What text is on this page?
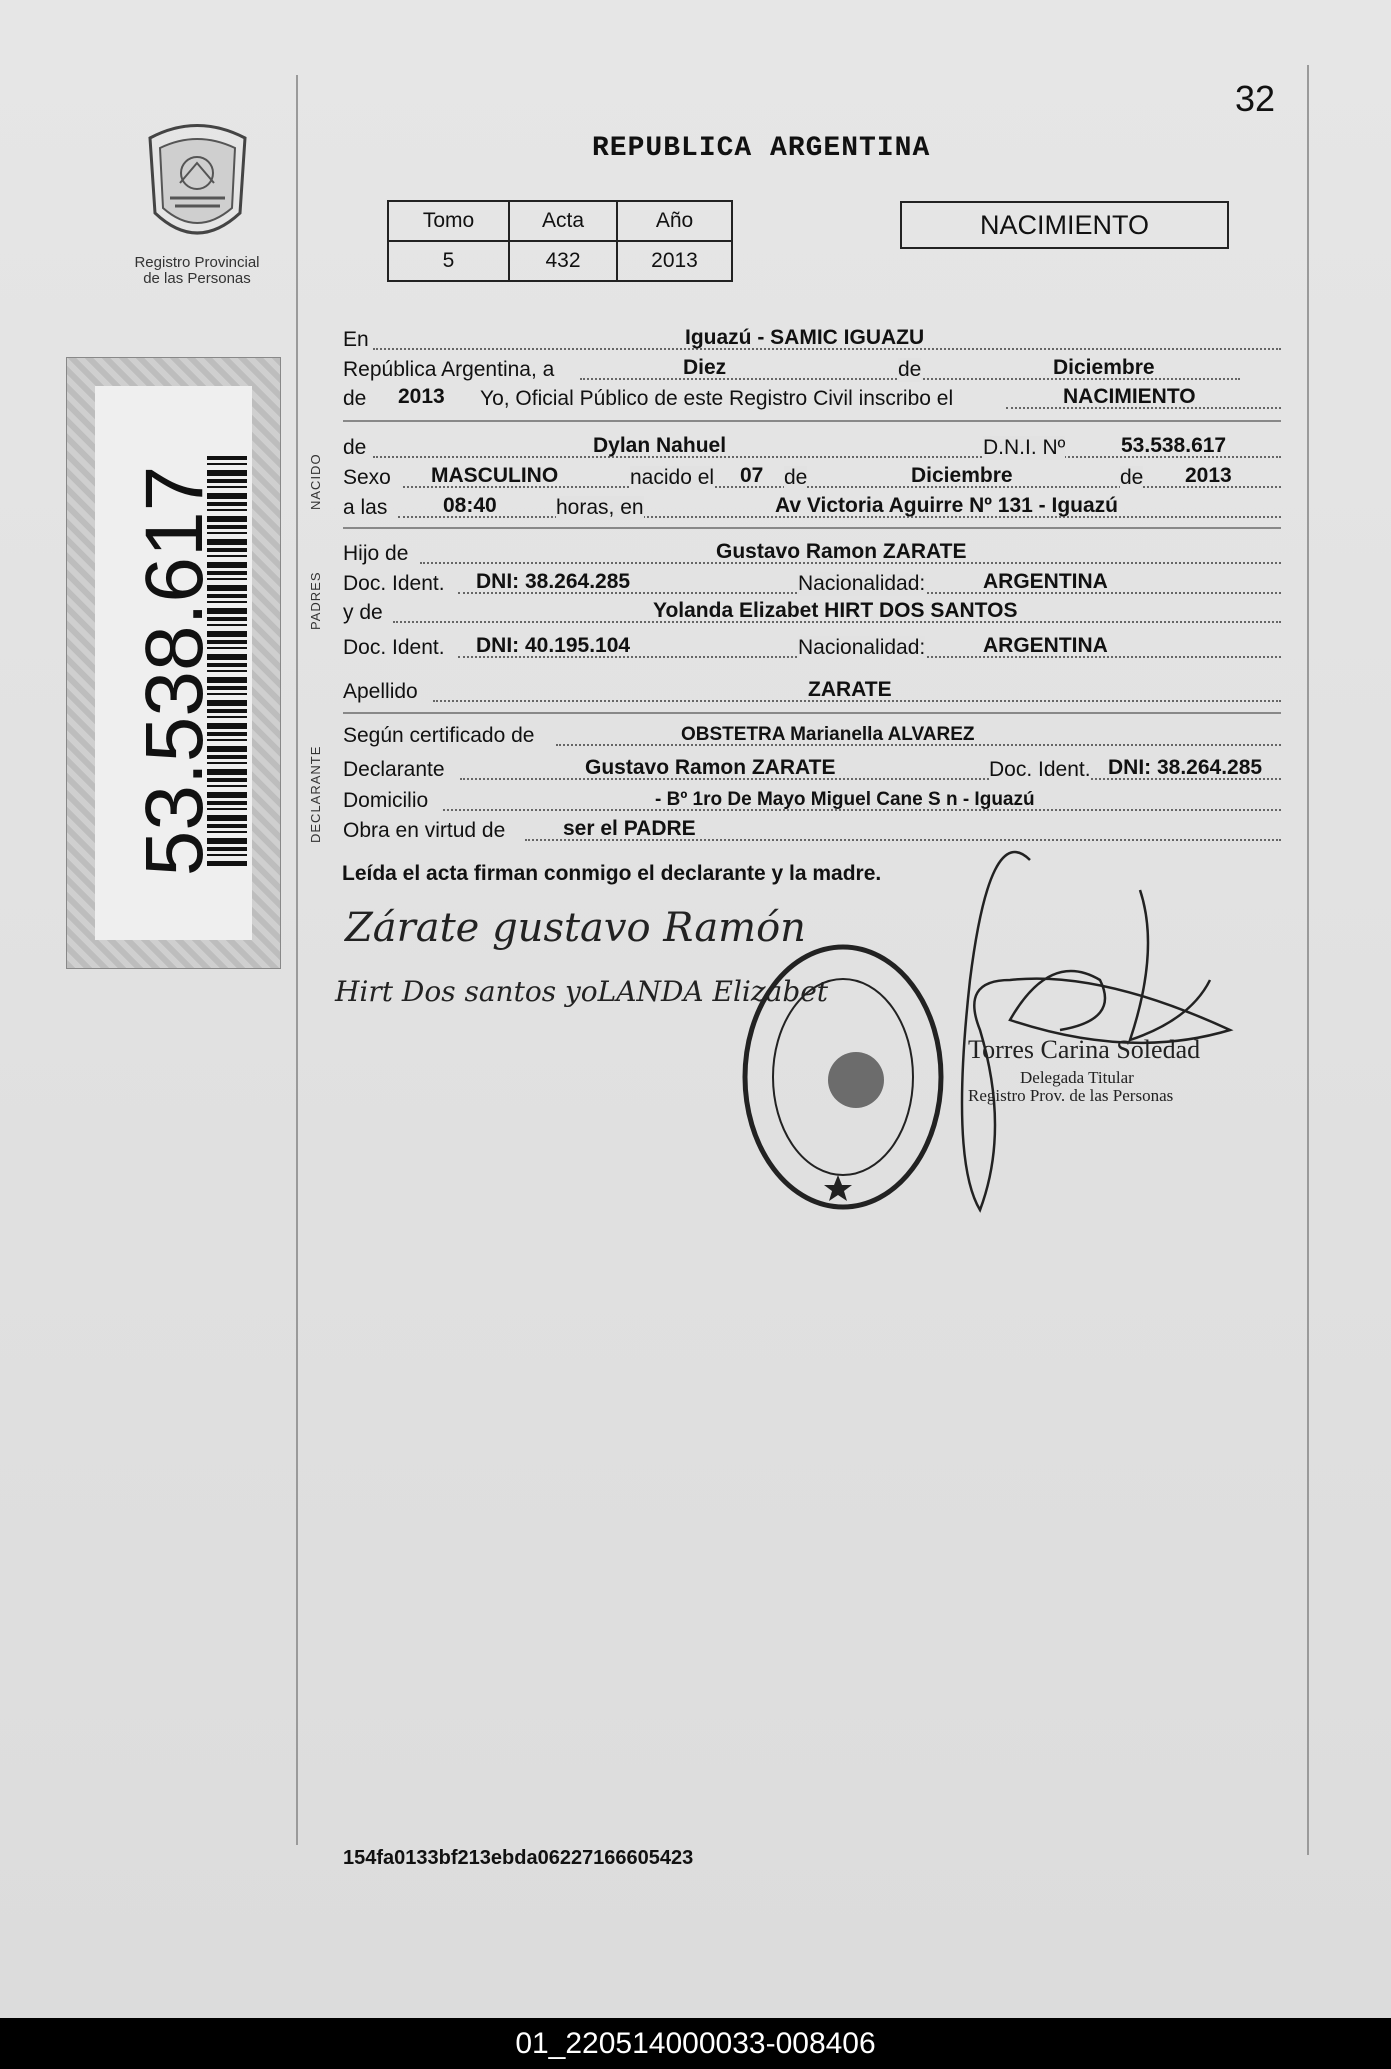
32
REPUBLICA ARGENTINA
Registro Provincial
de las Personas
53.538.617
Tomo	Acta	Año
5	432	2013
NACIMIENTO
NACIDO
PADRES
DECLARANTE
En	Iguazú - SAMIC IGUAZU
República Argentina, a	Diez	de	Diciembre
de 2013 Yo, Oficial Público de este Registro Civil inscribo el	NACIMIENTO
de	Dylan Nahuel	D.N.I. Nº	53.538.617
Sexo MASCULINO	nacido el 07 de	Diciembre	de 2013
a las	08:40	horas, en	Av Victoria Aguirre Nº 131 - Iguazú
Hijo de	Gustavo Ramon ZARATE
Doc. Ident. DNI: 38.264.285	Nacionalidad:	ARGENTINA
y de	Yolanda Elizabet HIRT DOS SANTOS
Doc. Ident. DNI: 40.195.104	Nacionalidad:	ARGENTINA
Apellido	ZARATE
Según certificado de	OBSTETRA Marianella ALVAREZ
Declarante	Gustavo Ramon ZARATE	Doc. Ident. DNI: 38.264.285
Domicilio	- Bº 1ro De Mayo Miguel Cane S n - Iguazú
Obra en virtud de	ser el PADRE
Leída el acta firman conmigo el declarante y la madre.
Zárate gustavo Ramón
Hirt Dos santos yoLANDA Elizabet
Torres Carina Soledad
Delegada Titular
Registro Prov. de las Personas
154fa0133bf213ebda06227166605423
01_220514000033-008406
